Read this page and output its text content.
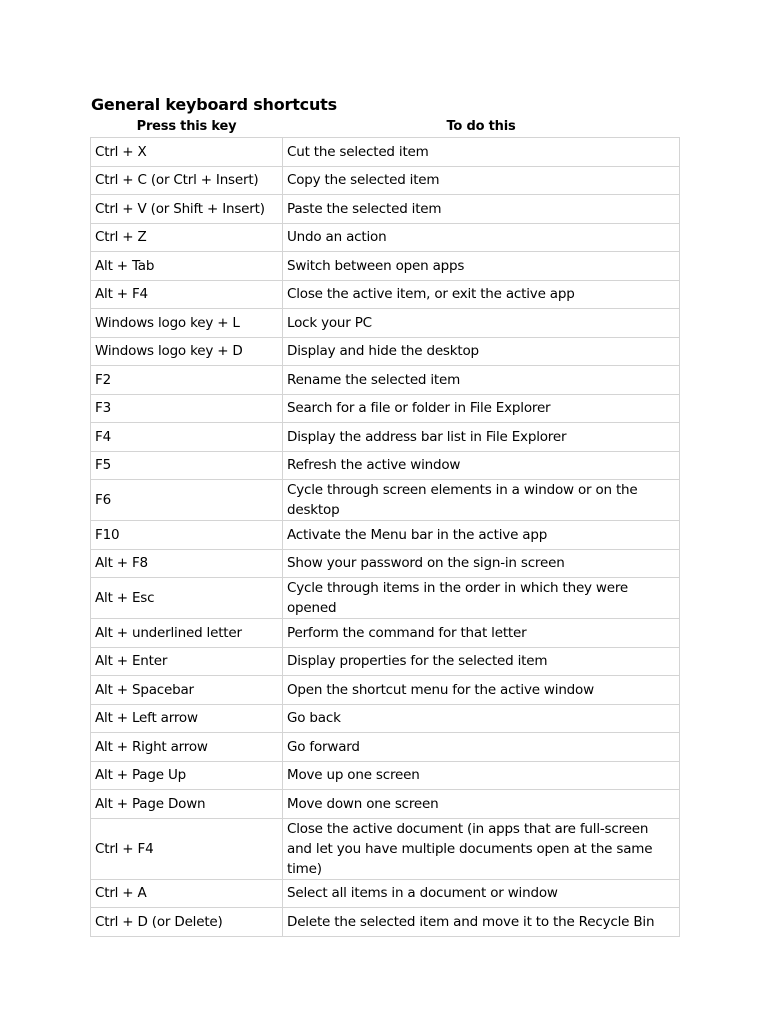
General keyboard shortcuts
Press this key	To do this
Ctrl + X	Cut the selected item
Ctrl + C (or Ctrl + Insert)	Copy the selected item
Ctrl + V (or Shift + Insert)	Paste the selected item
Ctrl + Z	Undo an action
Alt + Tab	Switch between open apps
Alt + F4	Close the active item, or exit the active app
Windows logo key + L	Lock your PC
Windows logo key + D	Display and hide the desktop
F2	Rename the selected item
F3	Search for a file or folder in File Explorer
F4	Display the address bar list in File Explorer
F5	Refresh the active window
F6	Cycle through screen elements in a window or on the desktop
F10	Activate the Menu bar in the active app
Alt + F8	Show your password on the sign-in screen
Alt + Esc	Cycle through items in the order in which they were opened
Alt + underlined letter	Perform the command for that letter
Alt + Enter	Display properties for the selected item
Alt + Spacebar	Open the shortcut menu for the active window
Alt + Left arrow	Go back
Alt + Right arrow	Go forward
Alt + Page Up	Move up one screen
Alt + Page Down	Move down one screen
Ctrl + F4	Close the active document (in apps that are full-screen and let you have multiple documents open at the same time)
Ctrl + A	Select all items in a document or window
Ctrl + D (or Delete)	Delete the selected item and move it to the Recycle Bin
